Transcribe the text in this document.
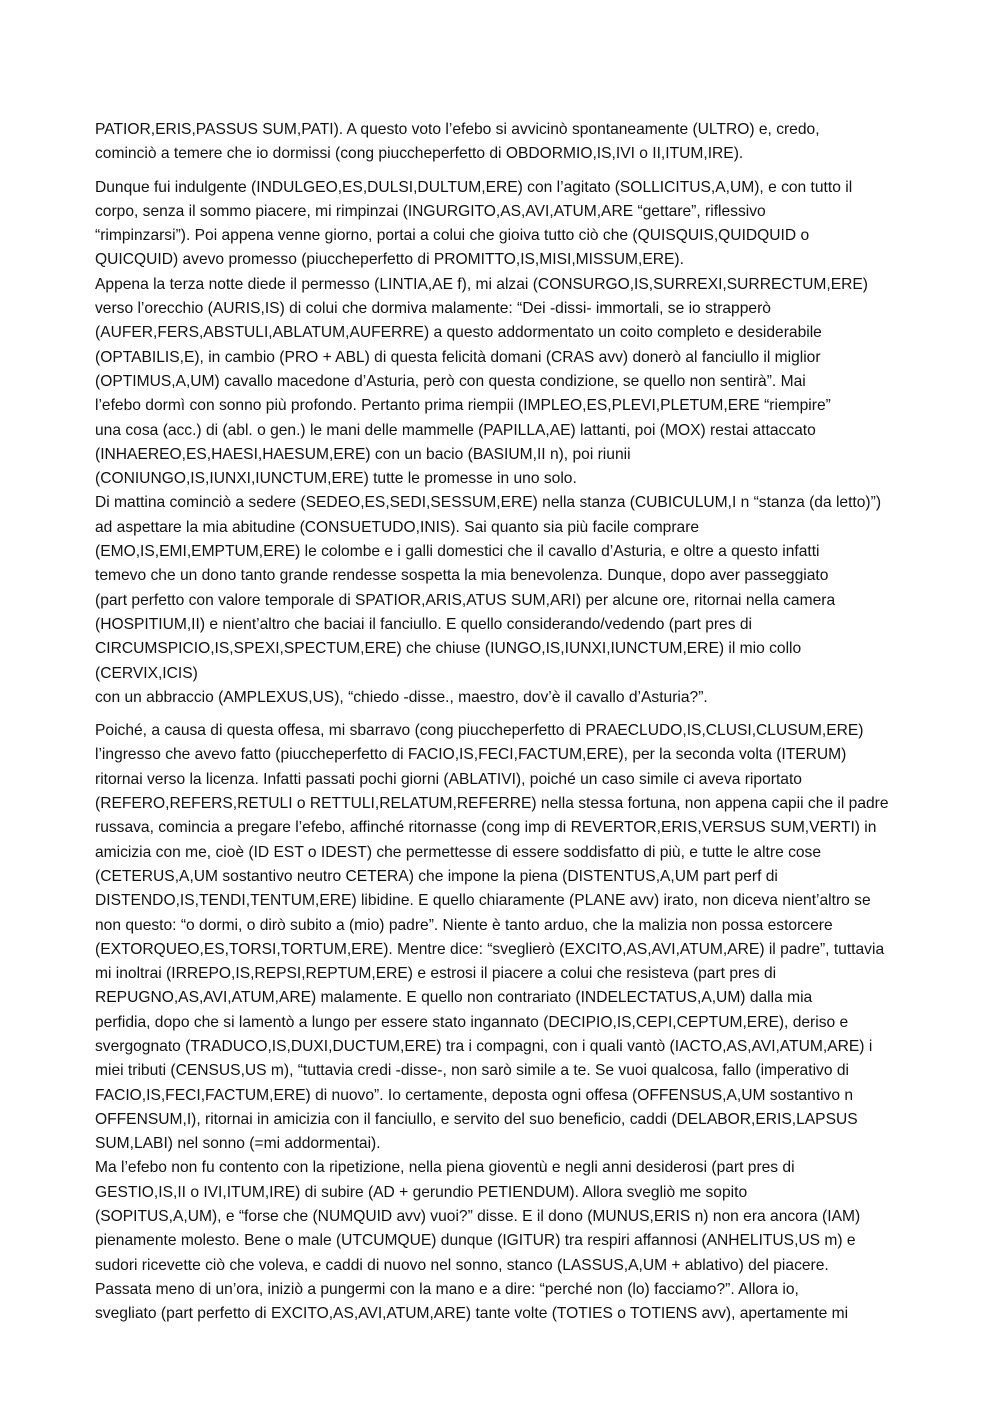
PATIOR,ERIS,PASSUS SUM,PATI). A questo voto l’efebo si avvicinò spontaneamente (ULTRO) e, credo,
cominciò a temere che io dormissi (cong piuccheperfetto di OBDORMIO,IS,IVI o II,ITUM,IRE).

Dunque fui indulgente (INDULGEO,ES,DULSI,DULTUM,ERE) con l’agitato (SOLLICITUS,A,UM), e con tutto il
corpo, senza il sommo piacere, mi rimpinzai (INGURGITO,AS,AVI,ATUM,ARE “gettare”, riflessivo
“rimpinzarsi”). Poi appena venne giorno, portai a colui che gioiva tutto ciò che (QUISQUIS,QUIDQUID o
QUICQUID) avevo promesso (piuccheperfetto di PROMITTO,IS,MISI,MISSUM,ERE).

Appena la terza notte diede il permesso (LINTIA,AE f), mi alzai (CONSURGO,IS,SURREXI,SURRECTUM,ERE)
verso l’orecchio (AURIS,IS) di colui che dormiva malamente: “Dei -dissi- immortali, se io strapperò
(AUFER,FERS,ABSTULI,ABLATUM,AUFERRE) a questo addormentato un coito completo e desiderabile
(OPTABILIS,E), in cambio (PRO + ABL) di questa felicità domani (CRAS avv) donerò al fanciullo il miglior
(OPTIMUS,A,UM) cavallo macedone d’Asturia, però con questa condizione, se quello non sentirà”. Mai
l’efebo dormì con sonno più profondo. Pertanto prima riempii (IMPLEO,ES,PLEVI,PLETUM,ERE “riempire”
una cosa (acc.) di (abl. o gen.) le mani delle mammelle (PAPILLA,AE) lattanti, poi (MOX) restai attaccato
(INHAEREO,ES,HAESI,HAESUM,ERE) con un bacio (BASIUM,II n), poi riunii
(CONIUNGO,IS,IUNXI,IUNCTUM,ERE) tutte le promesse in uno solo.

Di mattina cominciò a sedere (SEDEO,ES,SEDI,SESSUM,ERE) nella stanza (CUBICULUM,I n “stanza (da letto)”)
ad aspettare la mia abitudine (CONSUETUDO,INIS). Sai quanto sia più facile comprare
(EMO,IS,EMI,EMPTUM,ERE) le colombe e i galli domestici che il cavallo d’Asturia, e oltre a questo infatti
temevo che un dono tanto grande rendesse sospetta la mia benevolenza. Dunque, dopo aver passeggiato
(part perfetto con valore temporale di SPATIOR,ARIS,ATUS SUM,ARI) per alcune ore, ritornai nella camera
(HOSPITIUM,II) e nient’altro che baciai il fanciullo. E quello considerando/vedendo (part pres di
CIRCUMSPICIO,IS,SPEXI,SPECTUM,ERE) che chiuse (IUNGO,IS,IUNXI,IUNCTUM,ERE) il mio collo (CERVIX,ICIS)
con un abbraccio (AMPLEXUS,US), “chiedo -disse., maestro, dov’è il cavallo d’Asturia?”.

Poiché, a causa di questa offesa, mi sbarravo (cong piuccheperfetto di PRAECLUDO,IS,CLUSI,CLUSUM,ERE)
l’ingresso che avevo fatto (piuccheperfetto di FACIO,IS,FECI,FACTUM,ERE), per la seconda volta (ITERUM)
ritornai verso la licenza. Infatti passati pochi giorni (ABLATIVI), poiché un caso simile ci aveva riportato
(REFERO,REFERS,RETULI o RETTULI,RELATUM,REFERRE) nella stessa fortuna, non appena capii che il padre
russava, comincia a pregare l’efebo, affinché ritornasse (cong imp di REVERTOR,ERIS,VERSUS SUM,VERTI) in
amicizia con me, cioè (ID EST o IDEST) che permettesse di essere soddisfatto di più, e tutte le altre cose
(CETERUS,A,UM sostantivo neutro CETERA) che impone la piena (DISTENTUS,A,UM part perf di
DISTENDO,IS,TENDI,TENTUM,ERE) libidine. E quello chiaramente (PLANE avv) irato, non diceva nient’altro se
non questo: “o dormi, o dirò subito a (mio) padre”. Niente è tanto arduo, che la malizia non possa estorcere
(EXTORQUEO,ES,TORSI,TORTUM,ERE). Mentre dice: “sveglierò (EXCITO,AS,AVI,ATUM,ARE) il padre”, tuttavia
mi inoltrai (IRREPO,IS,REPSI,REPTUM,ERE) e estrosi il piacere a colui che resisteva (part pres di
REPUGNO,AS,AVI,ATUM,ARE) malamente. E quello non contrariato (INDELECTATUS,A,UM) dalla mia
perfidia, dopo che si lamentò a lungo per essere stato ingannato (DECIPIO,IS,CEPI,CEPTUM,ERE), deriso e
svergognato (TRADUCO,IS,DUXI,DUCTUM,ERE) tra i compagni, con i quali vantò (IACTO,AS,AVI,ATUM,ARE) i
miei tributi (CENSUS,US m), “tuttavia credi -disse-, non sarò simile a te. Se vuoi qualcosa, fallo (imperativo di
FACIO,IS,FECI,FACTUM,ERE) di nuovo”. Io certamente, deposta ogni offesa (OFFENSUS,A,UM sostantivo n
OFFENSUM,I), ritornai in amicizia con il fanciullo, e servito del suo beneficio, caddi (DELABOR,ERIS,LAPSUS
SUM,LABI) nel sonno (=mi addormentai).

Ma l’efebo non fu contento con la ripetizione, nella piena gioventù e negli anni desiderosi (part pres di
GESTIO,IS,II o IVI,ITUM,IRE) di subire (AD + gerundio PETIENDUM). Allora svegliò me sopito
(SOPITUS,A,UM), e “forse che (NUMQUID avv) vuoi?” disse. E il dono (MUNUS,ERIS n) non era ancora (IAM)
pienamente molesto. Bene o male (UTCUMQUE) dunque (IGITUR) tra respiri affannosi (ANHELITUS,US m) e
sudori ricevette ciò che voleva, e caddi di nuovo nel sonno, stanco (LASSUS,A,UM + ablativo) del piacere.
Passata meno di un’ora, iniziò a pungermi con la mano e a dire: “perché non (lo) facciamo?”. Allora io,
svegliato (part perfetto di EXCITO,AS,AVI,ATUM,ARE) tante volte (TOTIES o TOTIENS avv), apertamente mi
